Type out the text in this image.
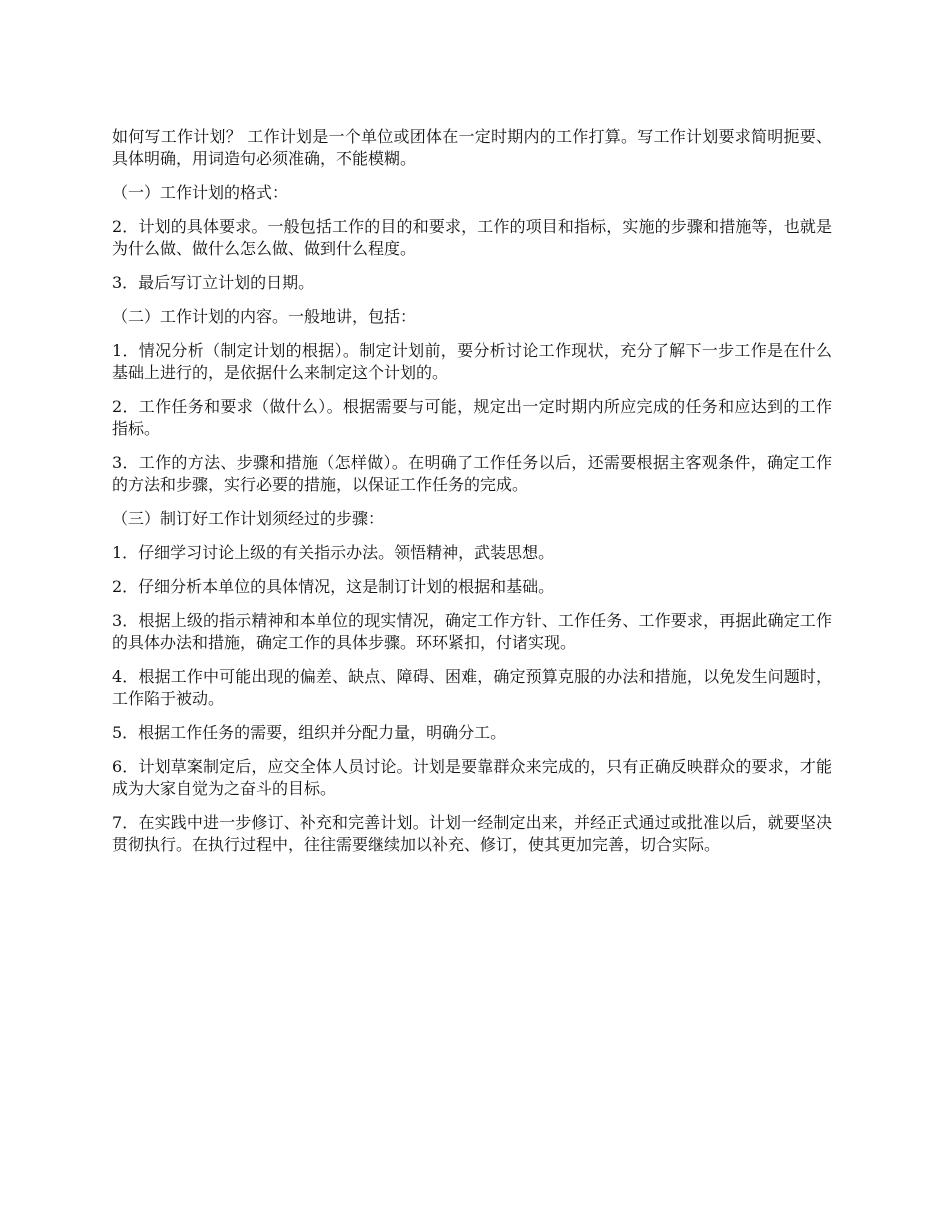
如何写工作计划？ 工作计划是一个单位或团体在一定时期内的工作打算。写工作计划要求简明扼要、具体明确，用词造句必须准确，不能模糊。

（一）工作计划的格式：

2．计划的具体要求。一般包括工作的目的和要求，工作的项目和指标，实施的步骤和措施等，也就是为什么做、做什么怎么做、做到什么程度。

3．最后写订立计划的日期。

（二）工作计划的内容。一般地讲，包括：

1．情况分析（制定计划的根据）。制定计划前，要分析讨论工作现状，充分了解下一步工作是在什么基础上进行的，是依据什么来制定这个计划的。

2．工作任务和要求（做什么）。根据需要与可能，规定出一定时期内所应完成的任务和应达到的工作指标。

3．工作的方法、步骤和措施（怎样做）。在明确了工作任务以后，还需要根据主客观条件，确定工作的方法和步骤，实行必要的措施，以保证工作任务的完成。

（三）制订好工作计划须经过的步骤：

1．仔细学习讨论上级的有关指示办法。领悟精神，武装思想。

2．仔细分析本单位的具体情况，这是制订计划的根据和基础。

3．根据上级的指示精神和本单位的现实情况，确定工作方针、工作任务、工作要求，再据此确定工作的具体办法和措施，确定工作的具体步骤。环环紧扣，付诸实现。

4．根据工作中可能出现的偏差、缺点、障碍、困难，确定预算克服的办法和措施，以免发生问题时，工作陷于被动。

5．根据工作任务的需要，组织并分配力量，明确分工。

6．计划草案制定后，应交全体人员讨论。计划是要靠群众来完成的，只有正确反映群众的要求，才能成为大家自觉为之奋斗的目标。

7．在实践中进一步修订、补充和完善计划。计划一经制定出来，并经正式通过或批准以后，就要坚决贯彻执行。在执行过程中，往往需要继续加以补充、修订，使其更加完善，切合实际。
